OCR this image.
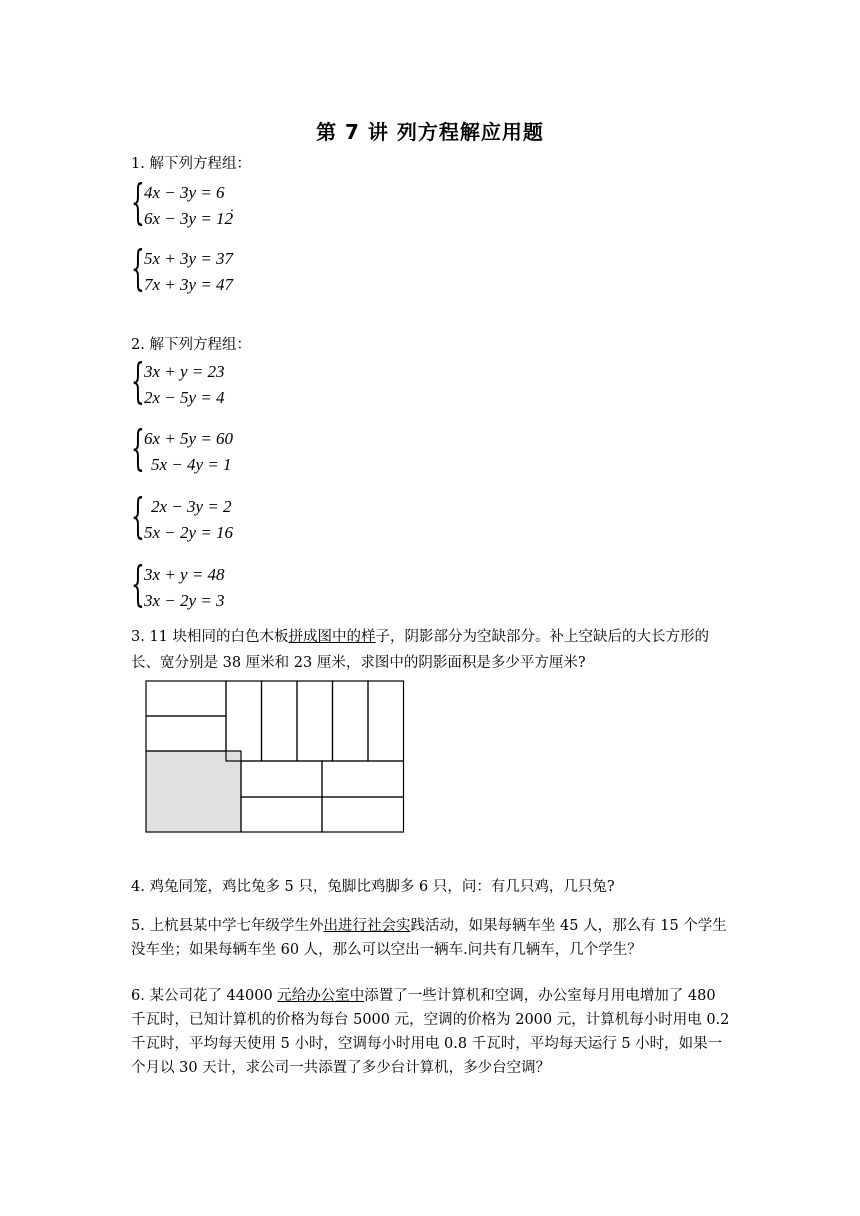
第 7 讲 列方程解应用题
1. 解下列方程组：
{ 4x − 3y = 6
6x − 3y = 12
；
{ 5x + 3y = 37
7x + 3y = 47
2. 解下列方程组：
{ 3x + y = 23
2x − 5y = 4
{ 6x + 5y = 60
5x − 4y = 1
{ 2x − 3y = 2
5x − 2y = 16
{ 3x + y = 48
3x − 2y = 3
3. 11 块相同的白色木板拼成图中的样子，阴影部分为空缺部分。补上空缺后的大长方形的
长、宽分别是 38 厘米和 23 厘米，求图中的阴影面积是多少平方厘米?
4. 鸡兔同笼，鸡比兔多 5 只，兔脚比鸡脚多 6 只，问：有几只鸡，几只兔?
5. 上杭县某中学七年级学生外出进行社会实践活动，如果每辆车坐 45 人，那么有 15 个学生没车坐；如果每辆车坐 60 人，那么可以空出一辆车.问共有几辆车，几个学生？
6. 某公司花了 44000 元给办公室中添置了一些计算机和空调，办公室每月用电增加了 480 千瓦时，已知计算机的价格为每台 5000 元，空调的价格为 2000 元，计算机每小时用电 0.2 千瓦时，平均每天使用 5 小时，空调每小时用电 0.8 千瓦时，平均每天运行 5 小时，如果一个月以 30 天计，求公司一共添置了多少台计算机，多少台空调？
